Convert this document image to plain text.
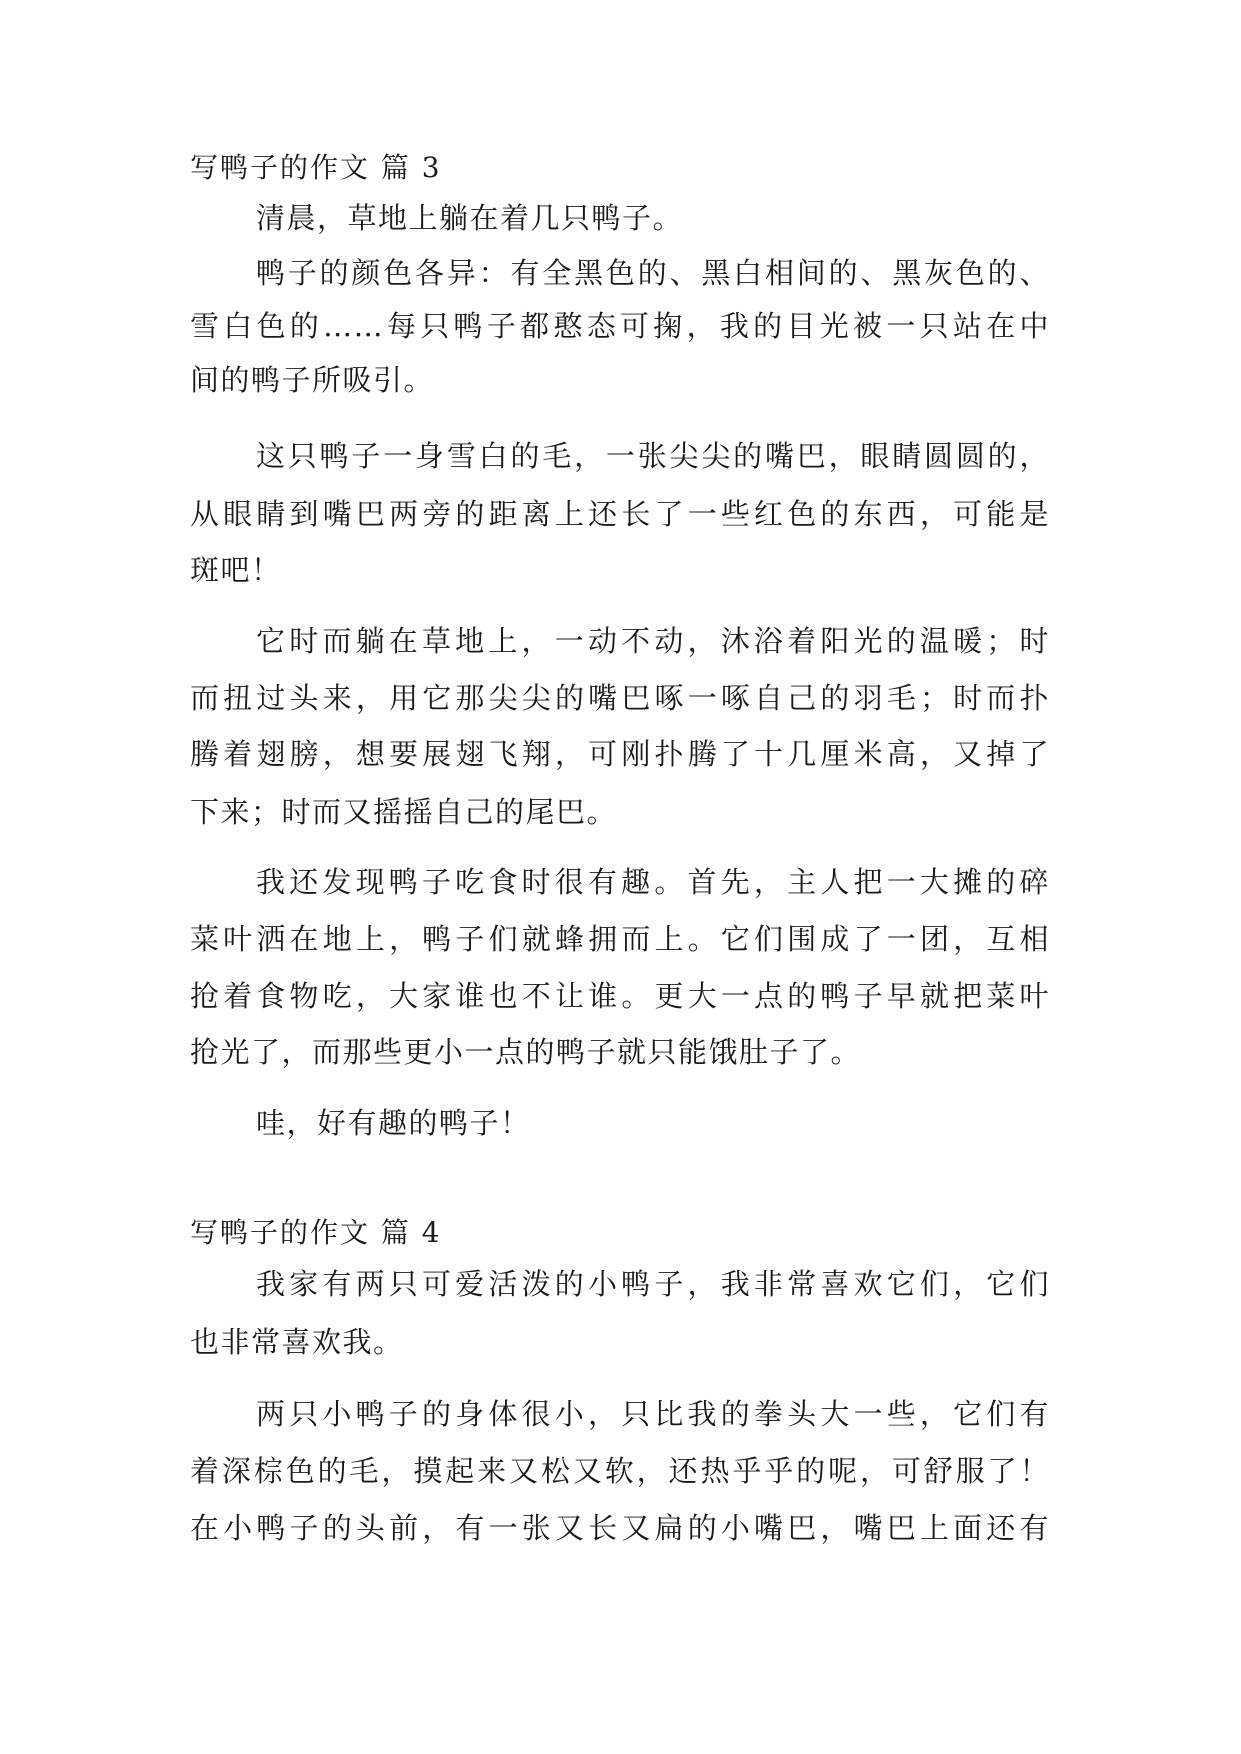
写鸭子的作文 篇 3
清晨，草地上躺在着几只鸭子。
鸭子的颜色各异：有全黑色的、黑白相间的、黑灰色的、
雪白色的……每只鸭子都憨态可掬，我的目光被一只站在中
间的鸭子所吸引。
这只鸭子一身雪白的毛，一张尖尖的嘴巴，眼睛圆圆的，
从眼睛到嘴巴两旁的距离上还长了一些红色的东西，可能是
斑吧！
它时而躺在草地上，一动不动，沐浴着阳光的温暖；时
而扭过头来，用它那尖尖的嘴巴啄一啄自己的羽毛；时而扑
腾着翅膀，想要展翅飞翔，可刚扑腾了十几厘米高，又掉了
下来；时而又摇摇自己的尾巴。
我还发现鸭子吃食时很有趣。首先，主人把一大摊的碎
菜叶洒在地上，鸭子们就蜂拥而上。它们围成了一团，互相
抢着食物吃，大家谁也不让谁。更大一点的鸭子早就把菜叶
抢光了，而那些更小一点的鸭子就只能饿肚子了。
哇，好有趣的鸭子！
写鸭子的作文 篇 4
我家有两只可爱活泼的小鸭子，我非常喜欢它们，它们
也非常喜欢我。
两只小鸭子的身体很小，只比我的拳头大一些，它们有
着深棕色的毛，摸起来又松又软，还热乎乎的呢，可舒服了！
在小鸭子的头前，有一张又长又扁的小嘴巴，嘴巴上面还有
